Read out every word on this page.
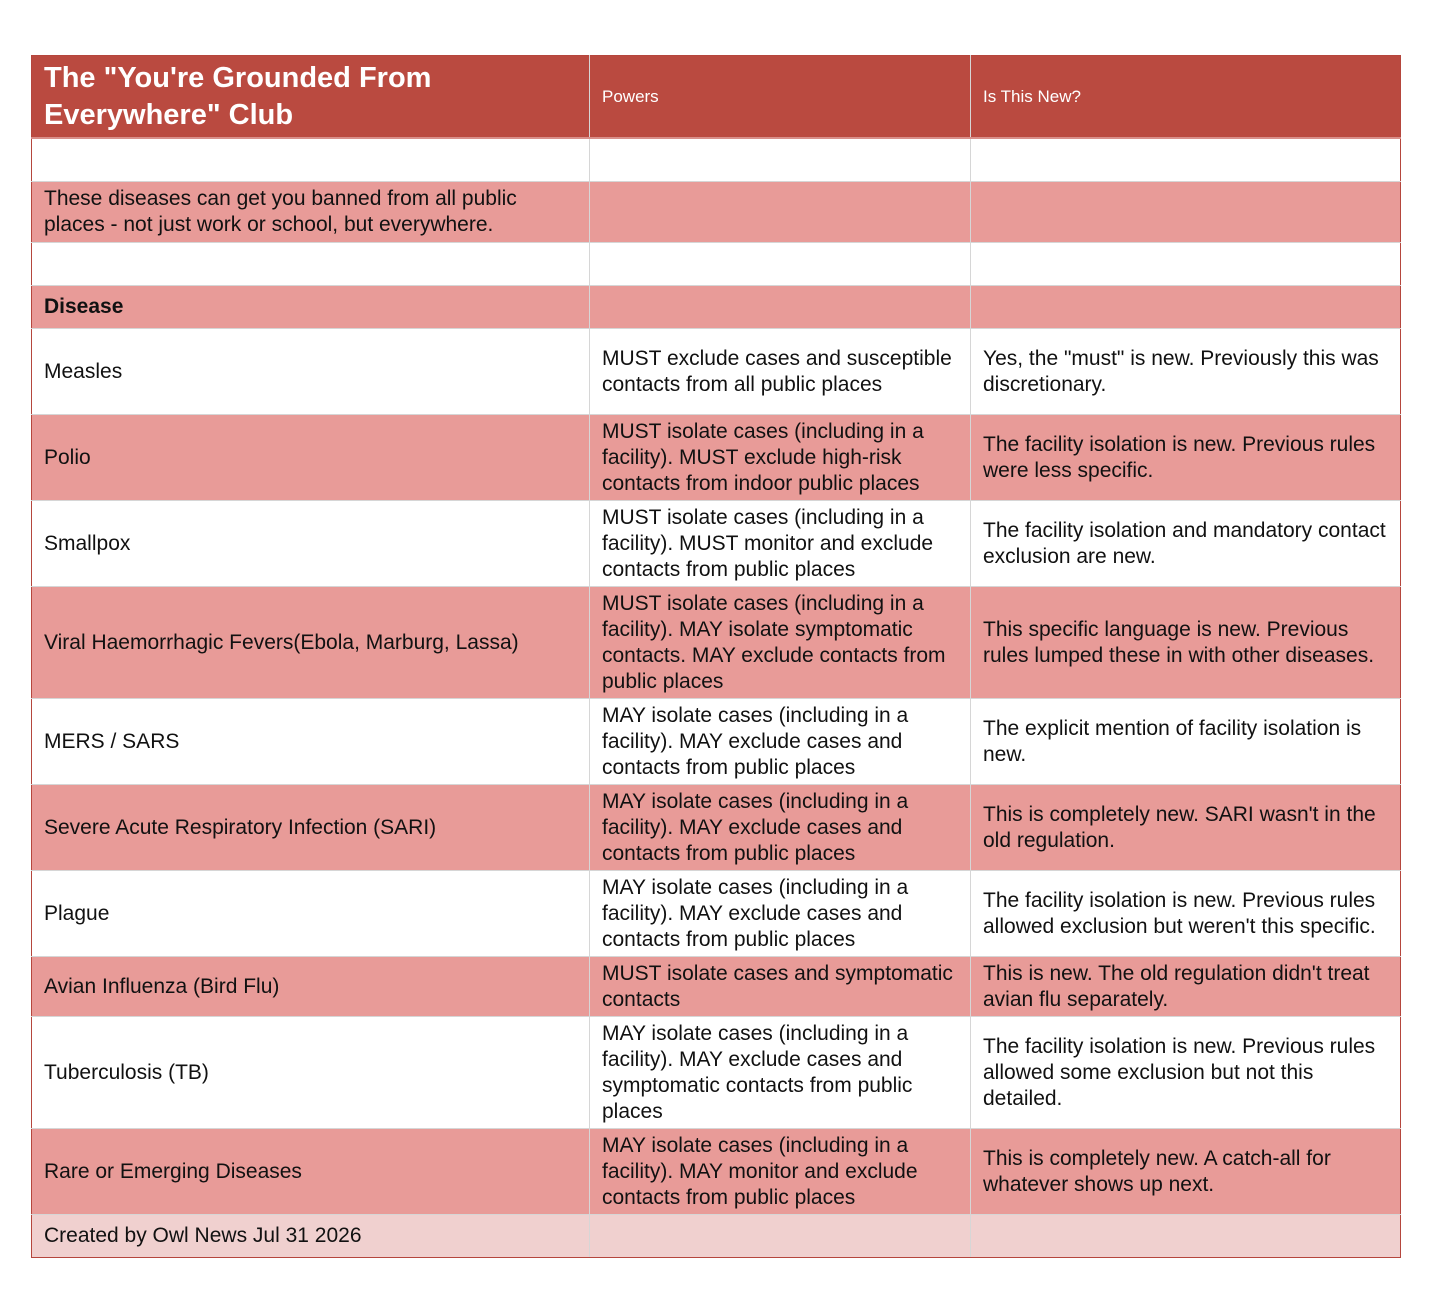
The "You're Grounded From Everywhere" Club	Powers	Is This New?

These diseases can get you banned from all public places - not just work or school, but everywhere.		

Disease		
Measles	MUST exclude cases and susceptible contacts from all public places	Yes, the "must" is new. Previously this was discretionary.
Polio	MUST isolate cases (including in a facility). MUST exclude high-risk contacts from indoor public places	The facility isolation is new. Previous rules were less specific.
Smallpox	MUST isolate cases (including in a facility). MUST monitor and exclude contacts from public places	The facility isolation and mandatory contact exclusion are new.
Viral Haemorrhagic Fevers(Ebola, Marburg, Lassa)	MUST isolate cases (including in a facility). MAY isolate symptomatic contacts. MAY exclude contacts from public places	This specific language is new. Previous rules lumped these in with other diseases.
MERS / SARS	MAY isolate cases (including in a facility). MAY exclude cases and contacts from public places	The explicit mention of facility isolation is new.
Severe Acute Respiratory Infection (SARI)	MAY isolate cases (including in a facility). MAY exclude cases and contacts from public places	This is completely new. SARI wasn't in the old regulation.
Plague	MAY isolate cases (including in a facility). MAY exclude cases and contacts from public places	The facility isolation is new. Previous rules allowed exclusion but weren't this specific.
Avian Influenza (Bird Flu)	MUST isolate cases and symptomatic contacts	This is new. The old regulation didn't treat avian flu separately.
Tuberculosis (TB)	MAY isolate cases (including in a facility). MAY exclude cases and symptomatic contacts from public places	The facility isolation is new. Previous rules allowed some exclusion but not this detailed.
Rare or Emerging Diseases	MAY isolate cases (including in a facility). MAY monitor and exclude contacts from public places	This is completely new. A catch-all for whatever shows up next.
Created by Owl News Jul 31 2026		
